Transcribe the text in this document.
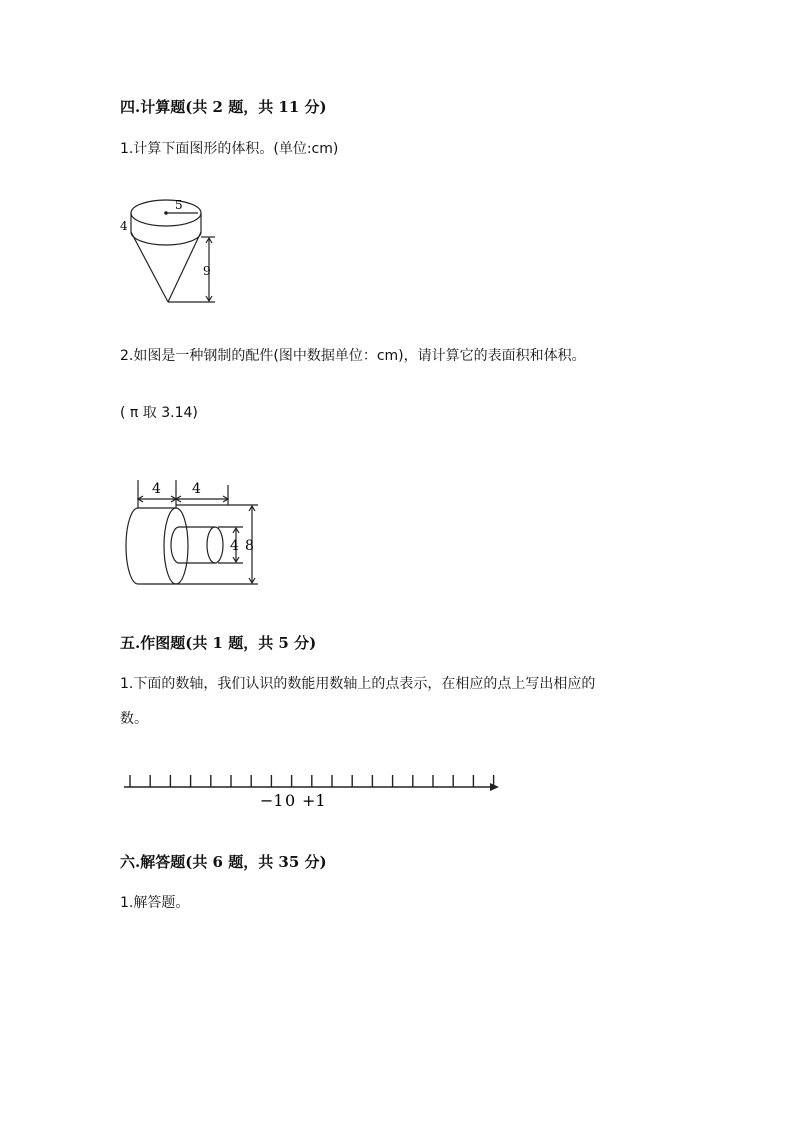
四.计算题(共 2 题，共 11 分)
1.计算下面图形的体积。(单位:cm)
5
4
9
2.如图是一种钢制的配件(图中数据单位：cm)，请计算它的表面积和体积。
( π 取 3.14)
4 4
4 8
五.作图题(共 1 题，共 5 分)
1.下面的数轴，我们认识的数能用数轴上的点表示，在相应的点上写出相应的
数。
−1 0 +1
六.解答题(共 6 题，共 35 分)
1.解答题。
